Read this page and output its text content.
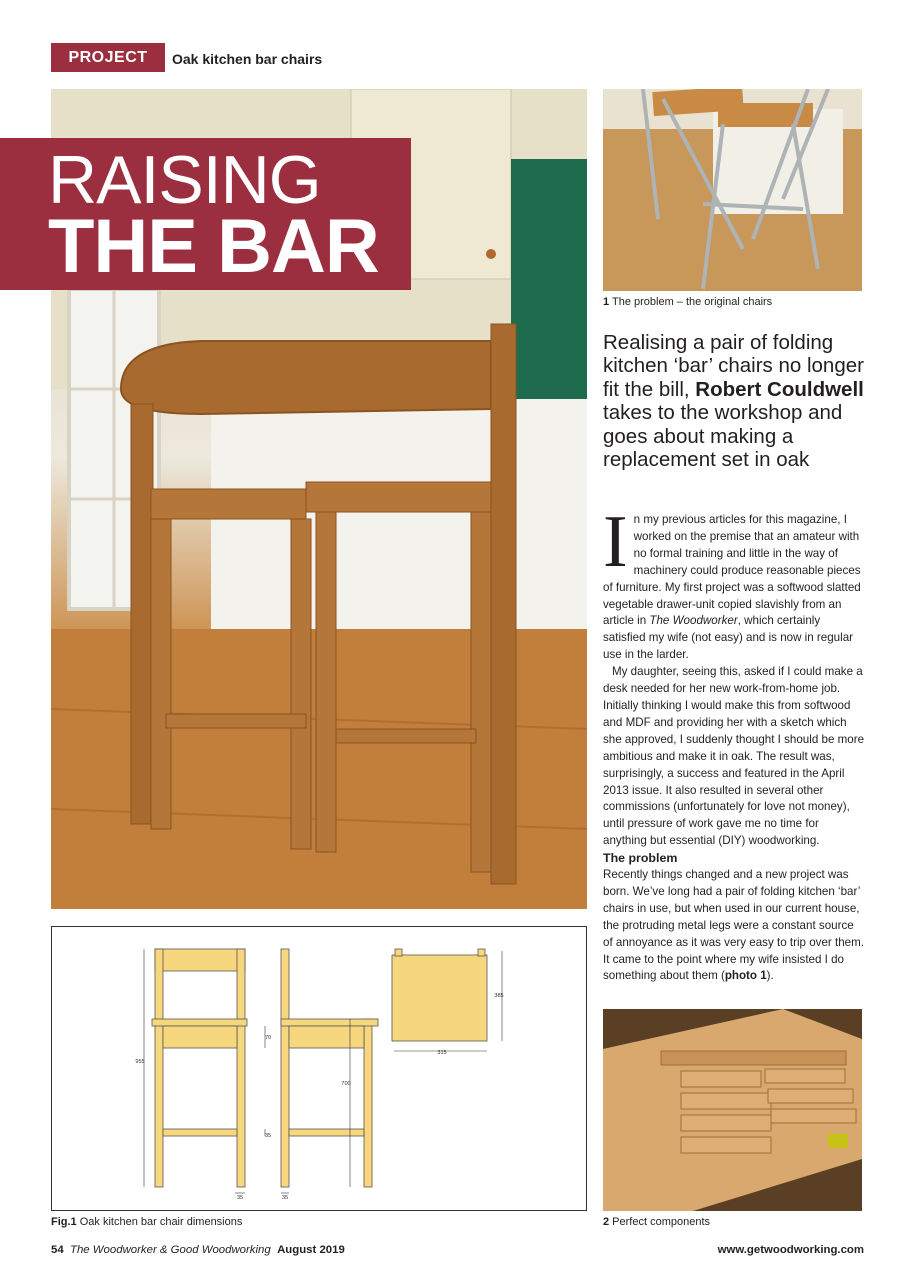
PROJECT	Oak kitchen bar chairs
RAISING
THE BAR
1 The problem – the original chairs
Realising a pair of folding kitchen ‘bar’ chairs no longer fit the bill, Robert Couldwell takes to the workshop and goes about making a replacement set in oak

In my previous articles for this magazine, I worked on the premise that an amateur with no formal training and little in the way of machinery could produce reasonable pieces of furniture. My first project was a softwood slatted vegetable drawer-unit copied slavishly from an article in The Woodworker, which certainly satisfied my wife (not easy) and is now in regular use in the larder.

My daughter, seeing this, asked if I could make a desk needed for her new work-from-home job. Initially thinking I would make this from softwood and MDF and providing her with a sketch which she approved, I suddenly thought I should be more ambitious and make it in oak. The result was, surprisingly, a success and featured in the April 2013 issue. It also resulted in several other commissions (unfortunately for love not money), until pressure of work gave me no time for anything but essential (DIY) woodworking.

The problem

Recently things changed and a new project was born. We’ve long had a pair of folding kitchen ‘bar’ chairs in use, but when used in our current house, the protruding metal legs were a constant source of annoyance as it was very easy to trip over them. It came to the point where my wife insisted I do something about them (photo 1).

2 Perfect components
955
700
70
35
315
385
35	35
Fig.1 Oak kitchen bar chair dimensions
54 The Woodworker & Good Woodworking August 2019	www.getwoodworking.com
